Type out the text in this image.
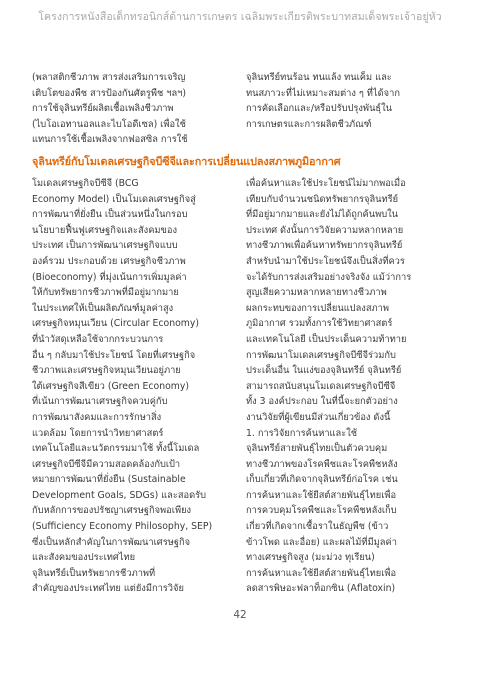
โครงการหนังสือเด็กทรอนิกส์ด้านการเกษตร เฉลิมพระเกียรติพระบาทสมเด็จพระเจ้าอยู่หัว

(พลาสติกชีวภาพ สารส่งเสริมการเจริญ

เติบโตของพืช สารป้องกันศัตรูพืช ฯลฯ)

การใช้จุลินทรีย์ผลิตเชื้อเพลิงชีวภาพ

(ไบโอเอทานอลและไบโอดีเซล) เพื่อใช้

แทนการใช้เชื้อเพลิงจากฟอสซิล การใช้

จุลินทรีย์ทนร้อน ทนแล้ง ทนเค็ม และ

ทนสภาวะที่ไม่เหมาะสมต่าง ๆ ที่ได้จาก

การคัดเลือกและ/หรือปรับปรุงพันธุ์ใน

การเกษตรและการผลิตชีวภัณฑ์

จุลินทรีย์กับโมเดลเศรษฐกิจบีซีจีและการเปลี่ยนแปลงสภาพภูมิอากาศ

โมเดลเศรษฐกิจบีซีจี (BCG

Economy Model) เป็นโมเดลเศรษฐกิจสู่

การพัฒนาที่ยั่งยืน เป็นส่วนหนึ่งในกรอบ

นโยบายฟื้นฟูเศรษฐกิจและสังคมของ

ประเทศ เป็นการพัฒนาเศรษฐกิจแบบ

องค์รวม ประกอบด้วย เศรษฐกิจชีวภาพ

(Bioeconomy) ที่มุ่งเน้นการเพิ่มมูลค่า

ให้กับทรัพยากรชีวภาพที่มีอยู่มากมาย

ในประเทศให้เป็นผลิตภัณฑ์มูลค่าสูง

เศรษฐกิจหมุนเวียน (Circular Economy)

ที่นำวัสดุเหลือใช้จากกระบวนการ

อื่น ๆ กลับมาใช้ประโยชน์ โดยที่เศรษฐกิจ

ชีวภาพและเศรษฐกิจหมุนเวียนอยู่ภาย

ใต้เศรษฐกิจสีเขียว (Green Economy)

ที่เน้นการพัฒนาเศรษฐกิจควบคู่กับ

การพัฒนาสังคมและการรักษาสิ่ง

แวดล้อม โดยการนำวิทยาศาสตร์

เทคโนโลยีและนวัตกรรมมาใช้ ทั้งนี้โมเดล

เศรษฐกิจบีซีจีมีความสอดคล้องกับเป้า

หมายการพัฒนาที่ยั่งยืน (Sustainable

Development Goals, SDGs) และสอดรับ

กับหลักการของปรัชญาเศรษฐกิจพอเพียง

(Sufficiency Economy Philosophy, SEP)

ซึ่งเป็นหลักสำคัญในการพัฒนาเศรษฐกิจ

และสังคมของประเทศไทย

จุลินทรีย์เป็นทรัพยากรชีวภาพที่

สำคัญของประเทศไทย แต่ยังมีการวิจัย

เพื่อค้นหาและใช้ประโยชน์ไม่มากพอเมื่อ

เทียบกับจำนวนชนิดทรัพยากรจุลินทรีย์

ที่มีอยู่มากมายและยังไม่ได้ถูกค้นพบใน

ประเทศ ดังนั้นการวิจัยความหลากหลาย

ทางชีวภาพเพื่อค้นหาทรัพยากรจุลินทรีย์

สำหรับนำมาใช้ประโยชน์จึงเป็นสิ่งที่ควร

จะได้รับการส่งเสริมอย่างจริงจัง แม้ว่าการ

สูญเสียความหลากหลายทางชีวภาพ

ผลกระทบของการเปลี่ยนแปลงสภาพ

ภูมิอากาศ รวมทั้งการใช้วิทยาศาสตร์

และเทคโนโลยี เป็นประเด็นความท้าทาย

การพัฒนาโมเดลเศรษฐกิจบีซีจีร่วมกับ

ประเด็นอื่น ในแง่ของจุลินทรีย์ จุลินทรีย์

สามารถสนับสนุนโมเดลเศรษฐกิจบีซีจี

ทั้ง 3 องค์ประกอบ ในที่นี้จะยกตัวอย่าง

งานวิจัยที่ผู้เขียนมีส่วนเกี่ยวข้อง ดังนี้

1. การวิจัยการค้นหาและใช้

จุลินทรีย์สายพันธุ์ไทยเป็นตัวควบคุม

ทางชีวภาพของโรคพืชและโรคพืชหลัง

เก็บเกี่ยวที่เกิดจากจุลินทรีย์ก่อโรค เช่น

การค้นหาและใช้ยีสต์สายพันธุ์ไทยเพื่อ

การควบคุมโรคพืชและโรคพืชหลังเก็บ

เกี่ยวที่เกิดจากเชื้อราในธัญพืช (ข้าว

ข้าวโพด และอื่อย) และผลไม้ที่มีมูลค่า

ทางเศรษฐกิจสูง (มะม่วง ทุเรียน)

การค้นหาและใช้ยีสต์สายพันธุ์ไทยเพื่อ

ลดสารพิษอะฟลาท็อกซิน (Aflatoxin)

42
